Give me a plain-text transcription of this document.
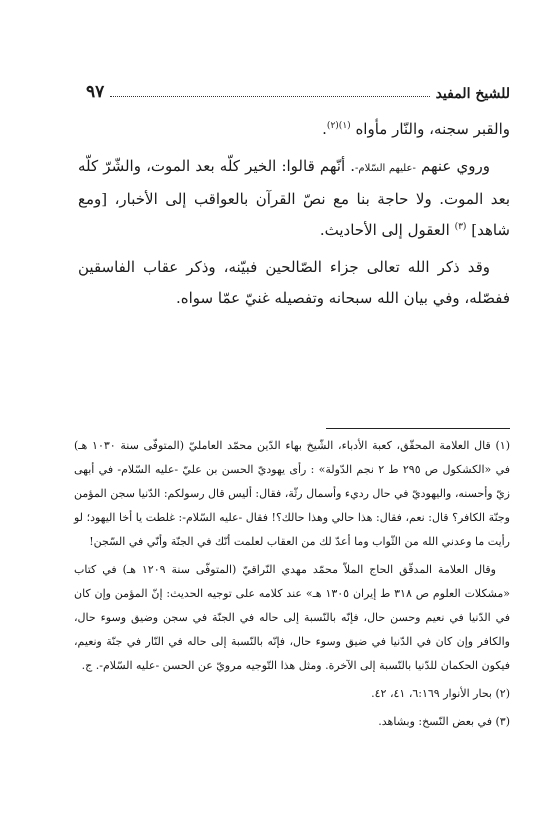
للشيخ المفيد
٩٧

والقبر سجنه، والنّار مأواه $^{(١)(٢)}$.

وروي عنهم -عليهم السّلام-. أنّهم قالوا: الخير كلّه بعد الموت، والشّرّ كلّه بعد الموت. ولا حاجة بنا مع نصّ القرآن بالعواقب إلى الأخبار، [ومع شاهد] $^{(٣)}$ العقول إلى الأحاديث.

وقد ذكر الله تعالى جزاء الصّالحين فبيّنه، وذكر عقاب الفاسقين ففصّله، وفي بيان الله سبحانه وتفصيله غنيّ عمّا سواه.

(١) قال العلامة المحقّق، كعبة الأدباء، الشّيخ بهاء الدّين محمّد العامليّ (المتوفّى سنة ١٠٣٠ هـ) في «الكشكول ص ٢٩٥ ط ٢ نجم الدّولة» : رأى يهوديّ الحسن بن عليّ -عليه السّلام- في أبهى زيّ وأحسنه، واليهوديّ في حال رديء وأسمال رثّة، فقال: أليس قال رسولكم: الدّنيا سجن المؤمن وجنّة الكافر؟ قال: نعم، فقال: هذا حالي وهذا حالك؟! فقال -عليه السّلام-: غلطت يا أخا اليهود؛ لو رأيت ما وعدني الله من الثّواب وما أعدّ لك من العقاب لعلمت أنّك في الجنّة وأنّي في السّجن!

وقال العلامة المدقّق الحاج الملاّ محمّد مهدي النّراقيّ (المتوفّى سنة ١٢٠٩ هـ) في كتاب «مشكلات العلوم ص ٣١٨ ط إيران ١٣٠٥ هـ» عند كلامه على توجيه الحديث: إنّ المؤمن وإن كان في الدّنيا في نعيم وحسن حال، فإنّه بالنّسبة إلى حاله في الجنّة في سجن وضيق وسوء حال، والكافر وإن كان في الدّنيا في ضيق وسوء حال، فإنّه بالنّسبة إلى حاله في النّار في جنّة ونعيم، فيكون الحكمان للدّنيا بالنّسبة إلى الآخرة. ومثل هذا التّوجيه مرويّ عن الحسن -عليه السّلام-. ج.

(٢) بحار الأنوار ٦:١٦٩، ٤١، ٤٢.

(٣) في بعض النّسخ: وبشاهد.
